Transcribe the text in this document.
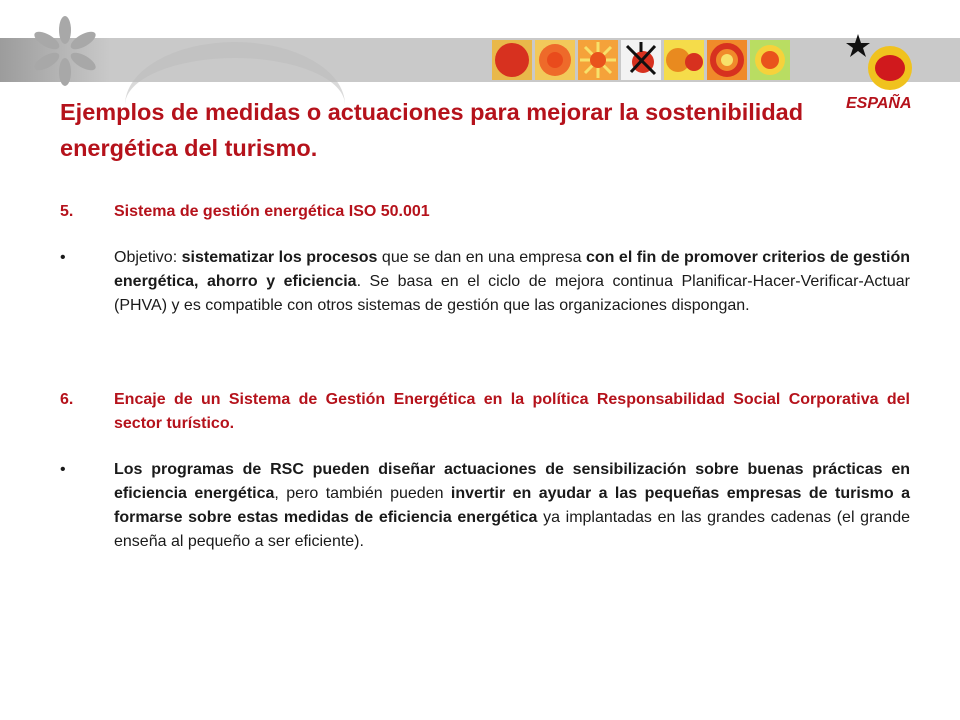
ESPAÑA
Ejemplos de medidas o actuaciones para mejorar la sostenibilidad energética del turismo.
5.	Sistema de gestión energética ISO 50.001
•	Objetivo: sistematizar los procesos que se dan en una empresa con el fin de promover criterios de gestión energética, ahorro y eficiencia. Se basa en el ciclo de mejora continua Planificar-Hacer-Verificar-Actuar (PHVA) y es compatible con otros sistemas de gestión que las organizaciones dispongan.
6.	Encaje de un Sistema de Gestión Energética en la política Responsabilidad Social Corporativa del sector turístico.
•	Los programas de RSC pueden diseñar actuaciones de sensibilización sobre buenas prácticas en eficiencia energética, pero también pueden invertir en ayudar a las pequeñas empresas de turismo a formarse sobre estas medidas de eficiencia energética ya implantadas en las grandes cadenas (el grande enseña al pequeño a ser eficiente).
